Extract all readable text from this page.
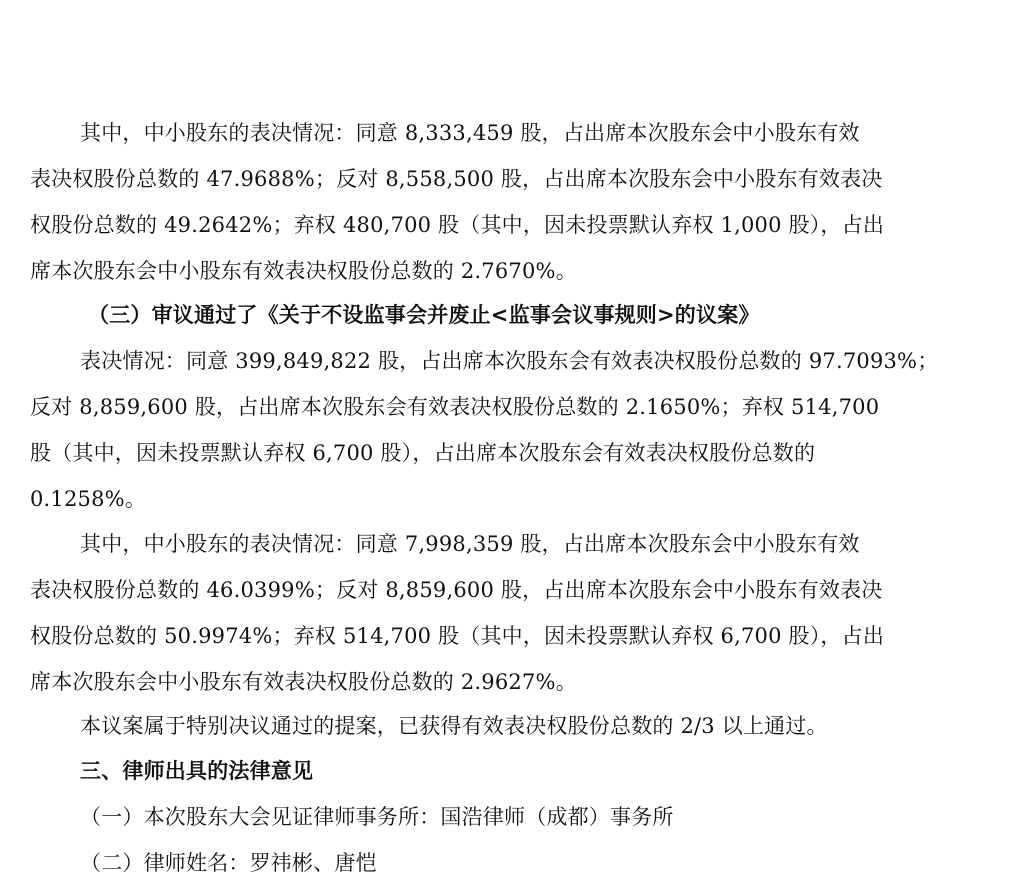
其中，中小股东的表决情况：同意 8,333,459 股，占出席本次股东会中小股东有效
表决权股份总数的 47.9688%；反对 8,558,500 股，占出席本次股东会中小股东有效表决
权股份总数的 49.2642%；弃权 480,700 股（其中，因未投票默认弃权 1,000 股），占出
席本次股东会中小股东有效表决权股份总数的 2.7670%。
（三）审议通过了《关于不设监事会并废止<监事会议事规则>的议案》
表决情况：同意 399,849,822 股，占出席本次股东会有效表决权股份总数的 97.7093%；
反对 8,859,600 股，占出席本次股东会有效表决权股份总数的 2.1650%；弃权 514,700
股（其中，因未投票默认弃权 6,700 股），占出席本次股东会有效表决权股份总数的
0.1258%。
其中，中小股东的表决情况：同意 7,998,359 股，占出席本次股东会中小股东有效
表决权股份总数的 46.0399%；反对 8,859,600 股，占出席本次股东会中小股东有效表决
权股份总数的 50.9974%；弃权 514,700 股（其中，因未投票默认弃权 6,700 股），占出
席本次股东会中小股东有效表决权股份总数的 2.9627%。
本议案属于特别决议通过的提案，已获得有效表决权股份总数的 2/3 以上通过。
三、律师出具的法律意见
（一）本次股东大会见证律师事务所：国浩律师（成都）事务所
（二）律师姓名：罗祎彬、唐恺
